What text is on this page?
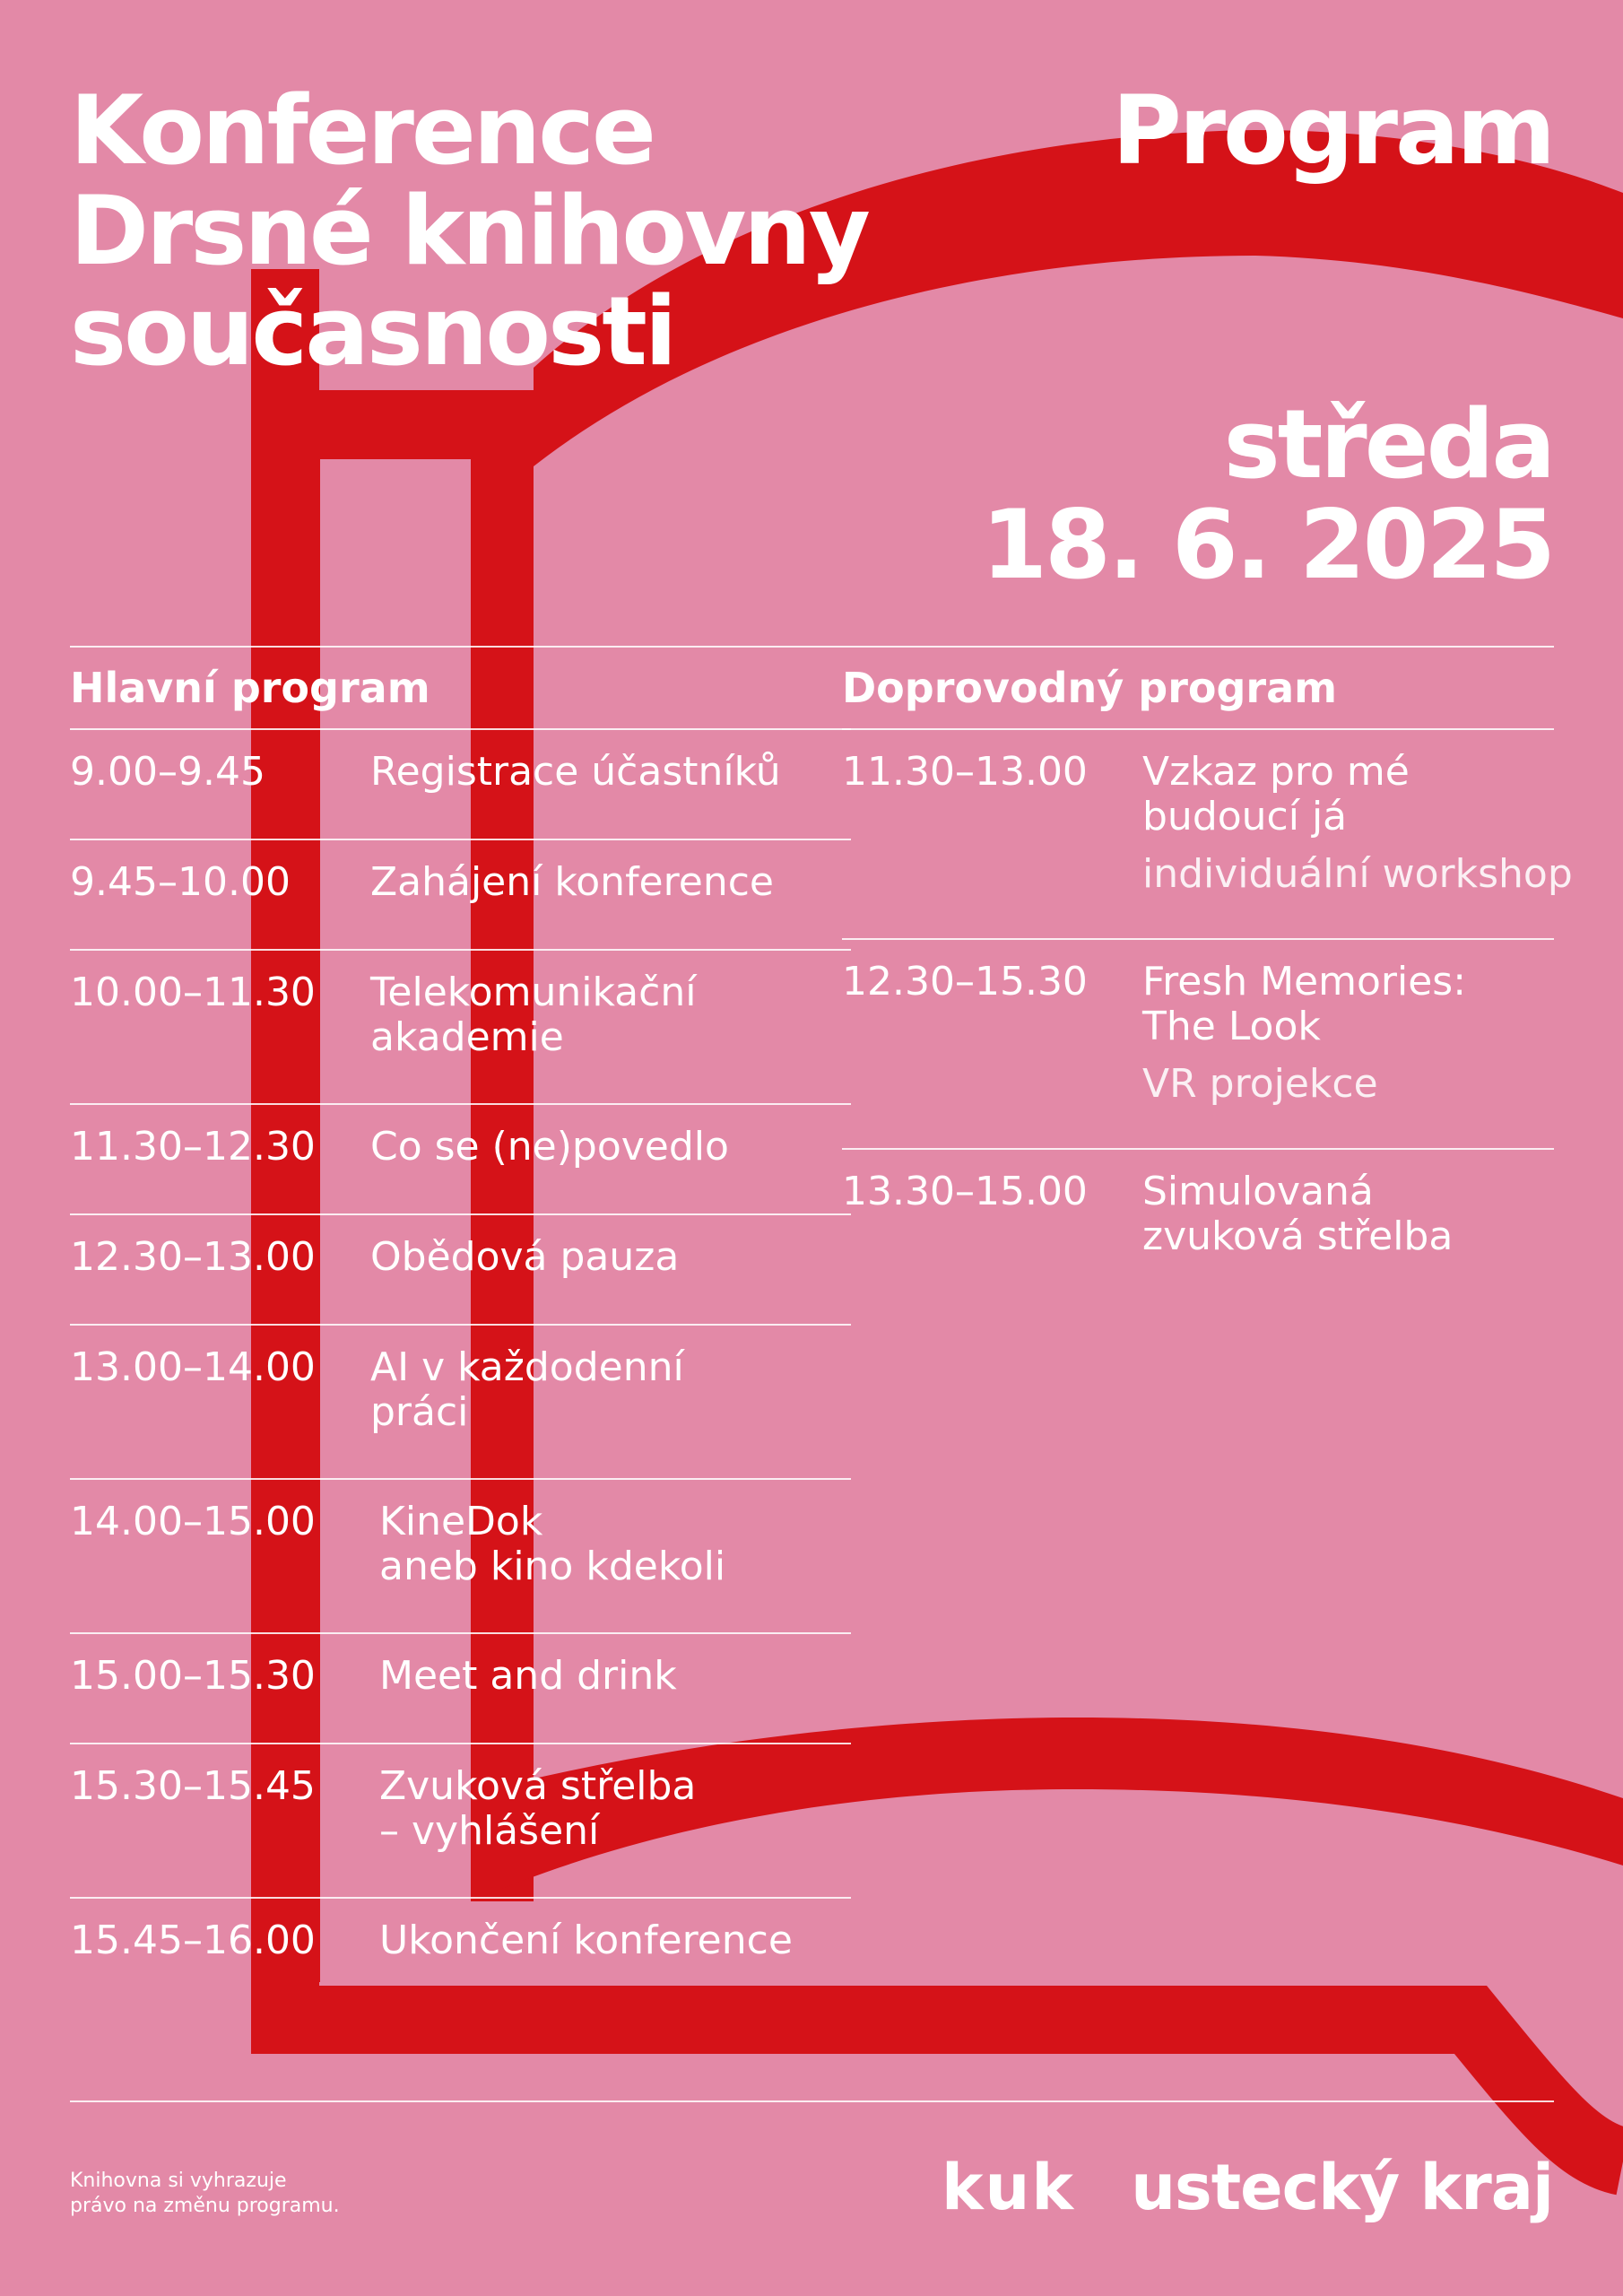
Konference
Drsné knihovny
současnosti
Program
středa
18. 6. 2025
Hlavní program
9.00–9.45	Registrace účastníků
9.45–10.00 Zahájení konference
10.00–11.30 Telekomunikační
akademie
11.30–12.30 Co se (ne)povedlo
12.30–13.00 Obědová pauza
13.00–14.00 AI v každodenní
práci
14.00–15.00 KineDok
aneb kino kdekoli
15.00–15.30 Meet and drink
15.30–15.45 Zvuková střelba
– vyhlášení
15.45–16.00 Ukončení konference
Doprovodný program
11.30–13.00 Vzkaz pro mé
budoucí já
individuální workshop
12.30–15.30 Fresh Memories:
The Look
VR projekce
13.30–15.00 Simulovaná
zvuková střelba
Knihovna si vyhrazuje
právo na změnu programu.	kuk ustecký kraj
